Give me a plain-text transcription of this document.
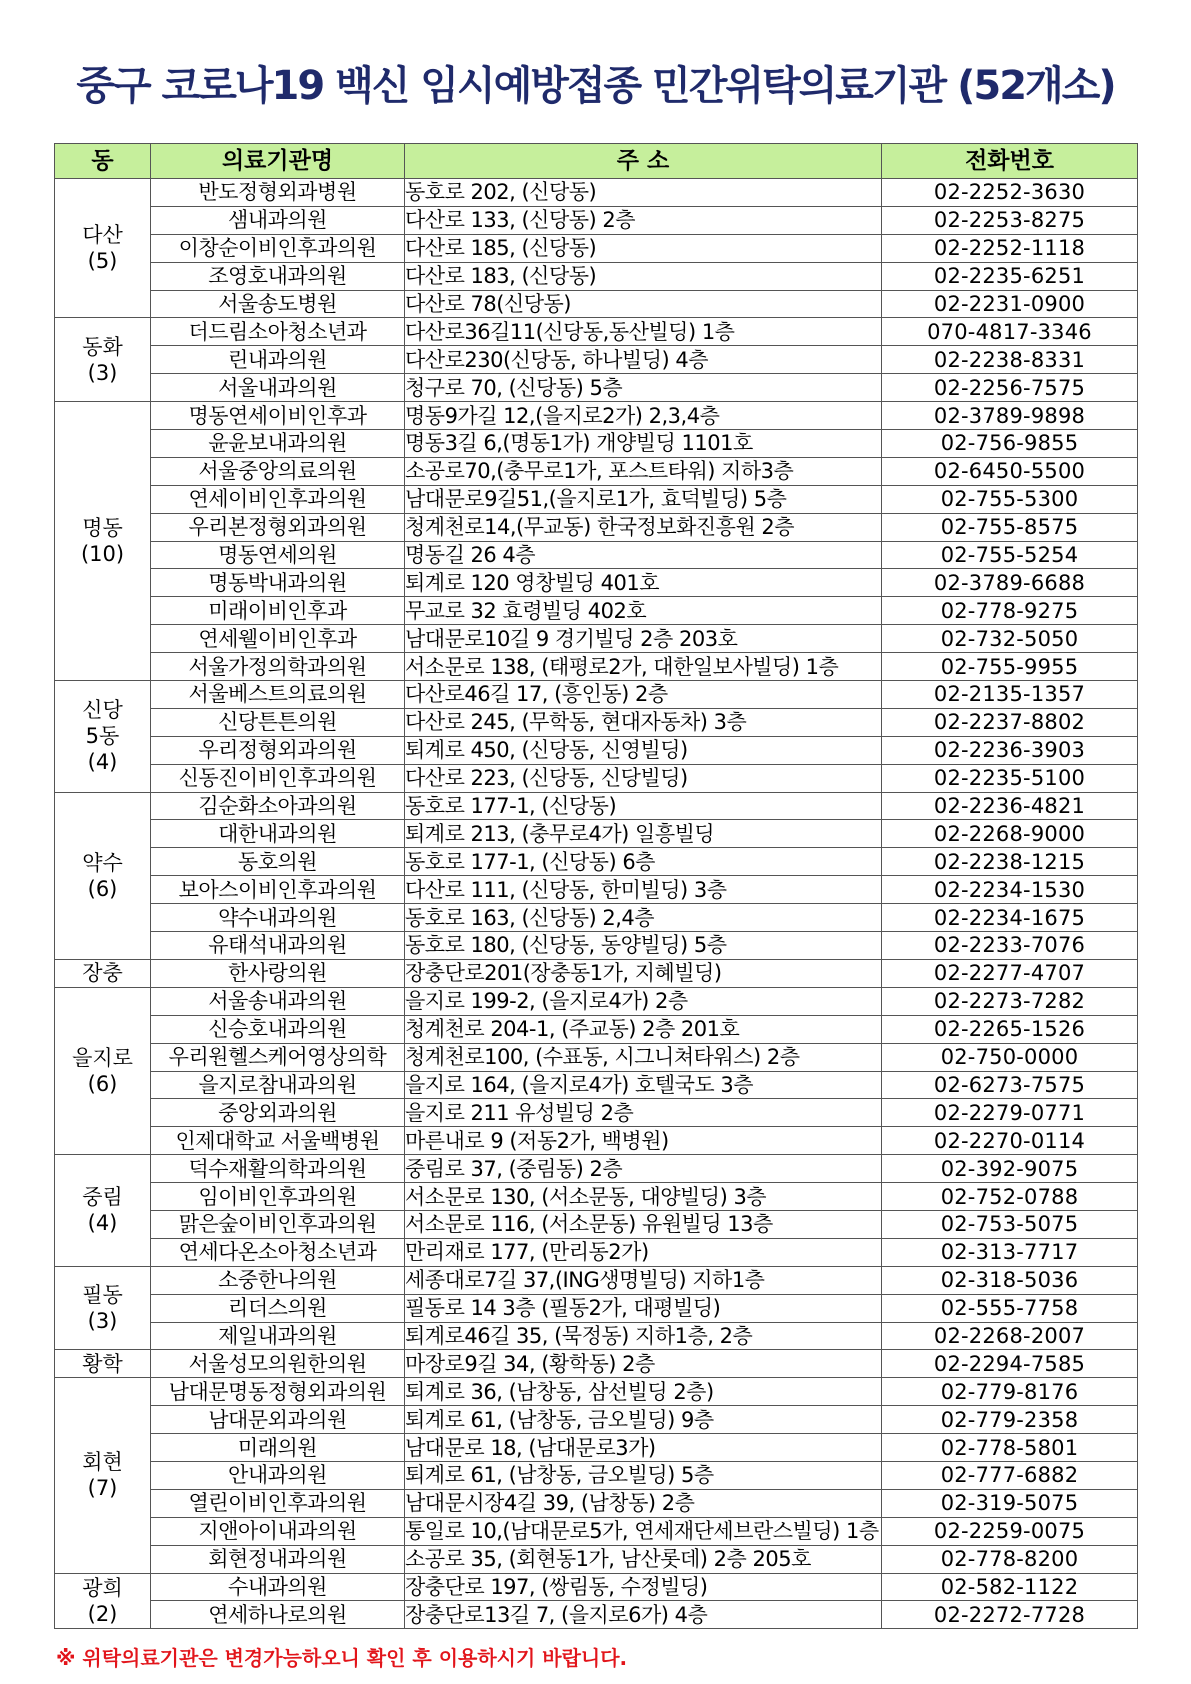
중구 코로나19 백신 임시예방접종 민간위탁의료기관 (52개소)
동	의료기관명	주 소	전화번호

다산
(5)	반도정형외과병원	동호로 202, (신당동)	02-2252-3630
	샘내과의원	다산로 133, (신당동) 2층	02-2253-8275
	이창순이비인후과의원	다산로 185, (신당동)	02-2252-1118
	조영호내과의원	다산로 183, (신당동)	02-2235-6251
	서울송도병원	다산로 78(신당동)	02-2231-0900

동화
(3)	더드림소아청소년과	다산로36길11(신당동,동산빌딩) 1층	070-4817-3346
	린내과의원	다산로230(신당동, 하나빌딩) 4층	02-2238-8331
	서울내과의원	청구로 70, (신당동) 5층	02-2256-7575

명동
(10)	명동연세이비인후과	명동9가길 12,(을지로2가) 2,3,4층	02-3789-9898
	윤윤보내과의원	명동3길 6,(명동1가) 개양빌딩 1101호	02-756-9855
	서울중앙의료의원	소공로70,(충무로1가, 포스트타워) 지하3층	02-6450-5500
	연세이비인후과의원	남대문로9길51,(을지로1가, 효덕빌딩) 5층	02-755-5300
	우리본정형외과의원	청계천로14,(무교동) 한국정보화진흥원 2층	02-755-8575
	명동연세의원	명동길 26 4층	02-755-5254
	명동박내과의원	퇴계로 120 영창빌딩 401호	02-3789-6688
	미래이비인후과	무교로 32 효령빌딩 402호	02-778-9275
	연세웰이비인후과	남대문로10길 9 경기빌딩 2층 203호	02-732-5050
	서울가정의학과의원	서소문로 138, (태평로2가, 대한일보사빌딩) 1층	02-755-9955

신당
5동
(4)	서울베스트의료의원	다산로46길 17, (흥인동) 2층	02-2135-1357
	신당튼튼의원	다산로 245, (무학동, 현대자동차) 3층	02-2237-8802
	우리정형외과의원	퇴계로 450, (신당동, 신영빌딩)	02-2236-3903
	신동진이비인후과의원	다산로 223, (신당동, 신당빌딩)	02-2235-5100

약수
(6)	김순화소아과의원	동호로 177-1, (신당동)	02-2236-4821
	대한내과의원	퇴계로 213, (충무로4가) 일흥빌딩	02-2268-9000
	동호의원	동호로 177-1, (신당동) 6층	02-2238-1215
	보아스이비인후과의원	다산로 111, (신당동, 한미빌딩) 3층	02-2234-1530
	약수내과의원	동호로 163, (신당동) 2,4층	02-2234-1675
	유태석내과의원	동호로 180, (신당동, 동양빌딩) 5층	02-2233-7076

장충	한사랑의원	장충단로201(장충동1가, 지혜빌딩)	02-2277-4707

을지로
(6)	서울송내과의원	을지로 199-2, (을지로4가) 2층	02-2273-7282
	신승호내과의원	청계천로 204-1, (주교동) 2층 201호	02-2265-1526
	우리원헬스케어영상의학	청계천로100, (수표동, 시그니쳐타워스) 2층	02-750-0000
	을지로참내과의원	을지로 164, (을지로4가) 호텔국도 3층	02-6273-7575
	중앙외과의원	을지로 211 유성빌딩 2층	02-2279-0771
	인제대학교 서울백병원	마른내로 9 (저동2가, 백병원)	02-2270-0114

중림
(4)	덕수재활의학과의원	중림로 37, (중림동) 2층	02-392-9075
	임이비인후과의원	서소문로 130, (서소문동, 대양빌딩) 3층	02-752-0788
	맑은숲이비인후과의원	서소문로 116, (서소문동) 유원빌딩 13층	02-753-5075
	연세다온소아청소년과	만리재로 177, (만리동2가)	02-313-7717

필동
(3)	소중한나의원	세종대로7길 37,(ING생명빌딩) 지하1층	02-318-5036
	리더스의원	필동로 14 3층 (필동2가, 대평빌딩)	02-555-7758
	제일내과의원	퇴계로46길 35, (묵정동) 지하1층, 2층	02-2268-2007

황학	서울성모의원한의원	마장로9길 34, (황학동) 2층	02-2294-7585

회현
(7)	남대문명동정형외과의원	퇴계로 36, (남창동, 삼선빌딩 2층)	02-779-8176
	남대문외과의원	퇴계로 61, (남창동, 금오빌딩) 9층	02-779-2358
	미래의원	남대문로 18, (남대문로3가)	02-778-5801
	안내과의원	퇴계로 61, (남창동, 금오빌딩) 5층	02-777-6882
	열린이비인후과의원	남대문시장4길 39, (남창동) 2층	02-319-5075
	지앤아이내과의원	통일로 10,(남대문로5가, 연세재단세브란스빌딩) 1층	02-2259-0075
	회현정내과의원	소공로 35, (회현동1가, 남산롯데) 2층 205호	02-778-8200

광희
(2)	수내과의원	장충단로 197, (쌍림동, 수정빌딩)	02-582-1122
	연세하나로의원	장충단로13길 7, (을지로6가) 4층	02-2272-7728
※ 위탁의료기관은 변경가능하오니 확인 후 이용하시기 바랍니다.
